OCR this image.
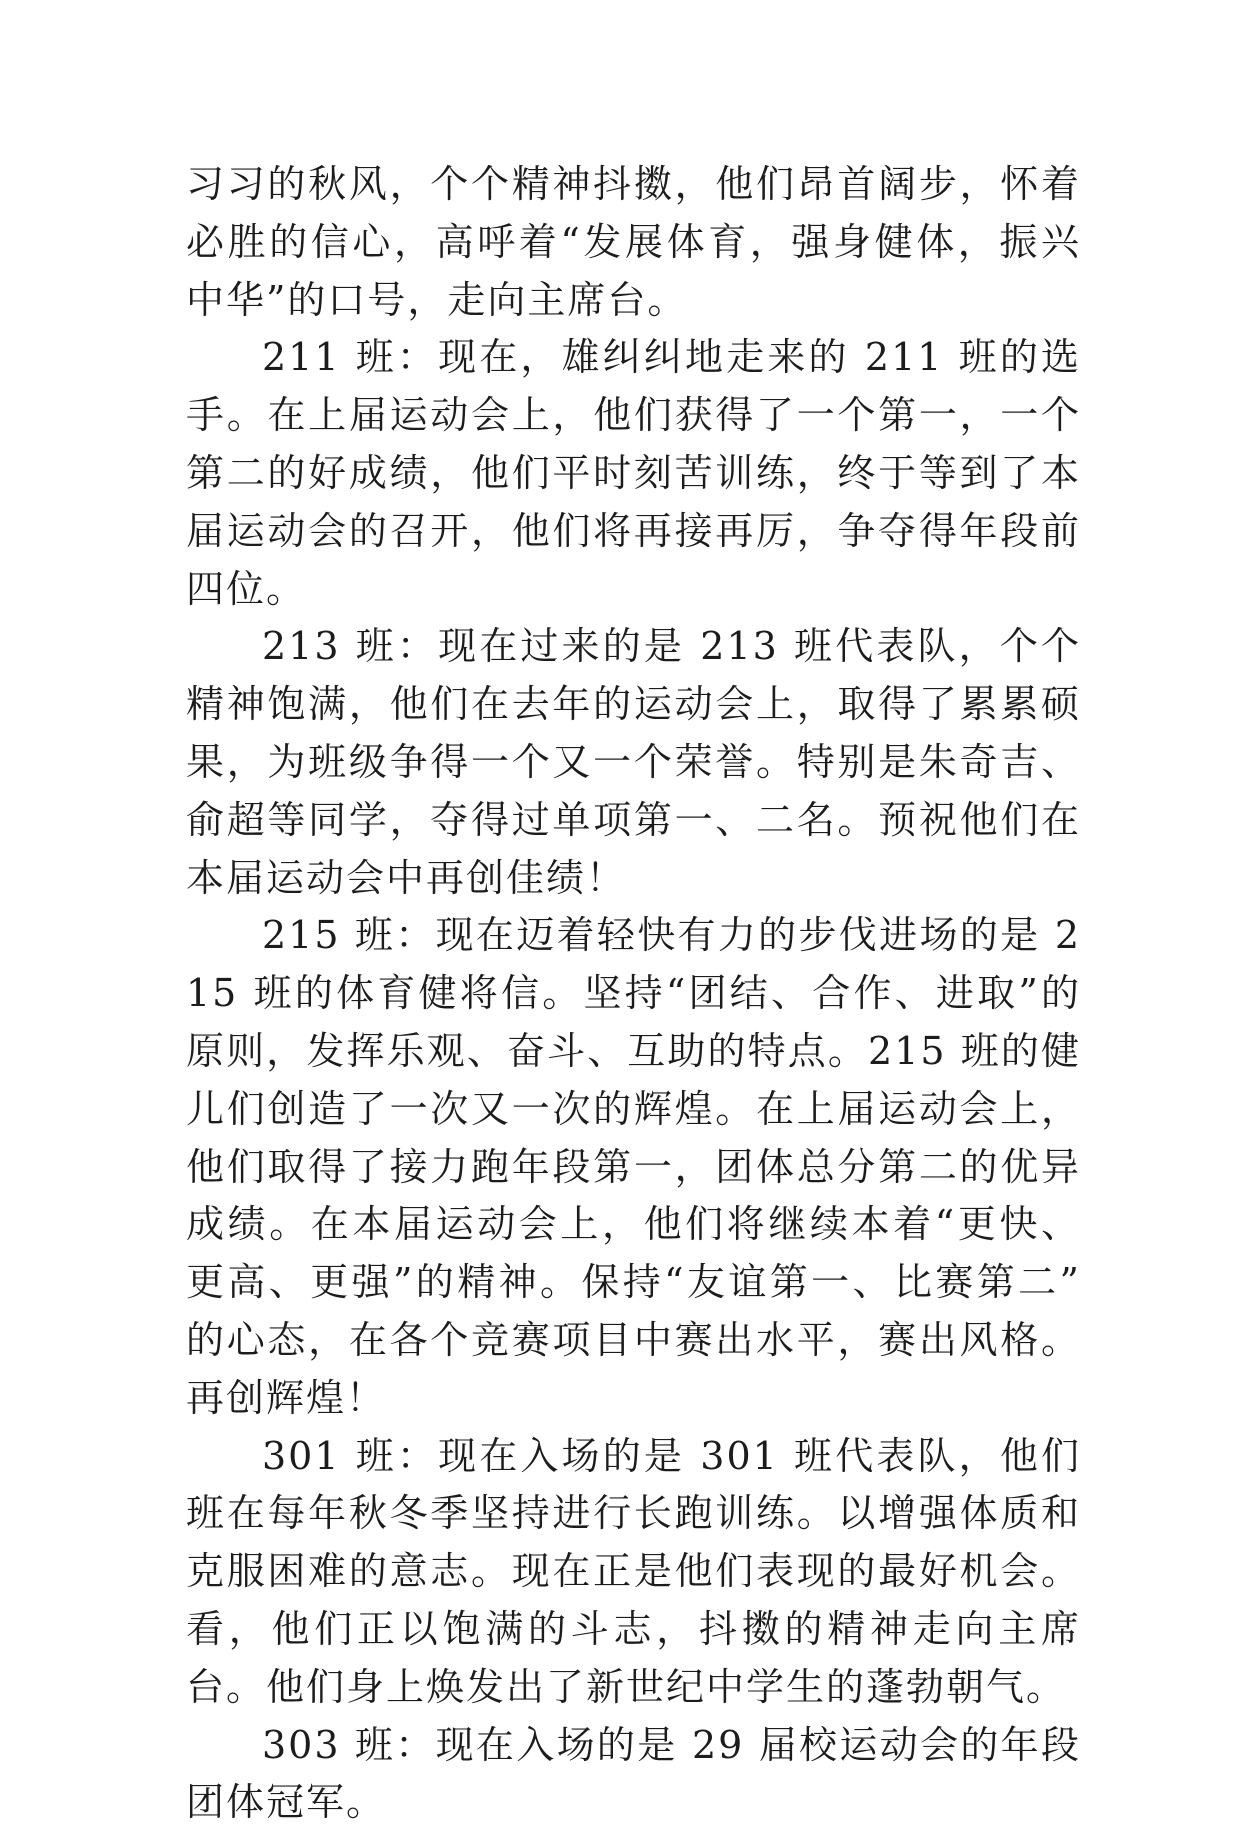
习习的秋风，个个精神抖擞，他们昂首阔步，怀着必胜的信心，高呼着“发展体育，强身健体，振兴中华”的口号，走向主席台。

211 班：现在，雄纠纠地走来的 211 班的选手。在上届运动会上，他们获得了一个第一，一个第二的好成绩，他们平时刻苦训练，终于等到了本届运动会的召开，他们将再接再厉，争夺得年段前四位。

213 班：现在过来的是 213 班代表队，个个精神饱满，他们在去年的运动会上，取得了累累硕果，为班级争得一个又一个荣誉。特别是朱奇吉、俞超等同学，夺得过单项第一、二名。预祝他们在本届运动会中再创佳绩！

215 班：现在迈着轻快有力的步伐进场的是 215 班的体育健将信。坚持“团结、合作、进取”的原则，发挥乐观、奋斗、互助的特点。215 班的健儿们创造了一次又一次的辉煌。在上届运动会上，他们取得了接力跑年段第一，团体总分第二的优异成绩。在本届运动会上，他们将继续本着“更快、更高、更强”的精神。保持“友谊第一、比赛第二”的心态，在各个竞赛项目中赛出水平，赛出风格。再创辉煌！

301 班：现在入场的是 301 班代表队，他们班在每年秋冬季坚持进行长跑训练。以增强体质和克服困难的意志。现在正是他们表现的最好机会。看，他们正以饱满的斗志，抖擞的精神走向主席台。他们身上焕发出了新世纪中学生的蓬勃朝气。

303 班：现在入场的是 29 届校运动会的年段团体冠军。
